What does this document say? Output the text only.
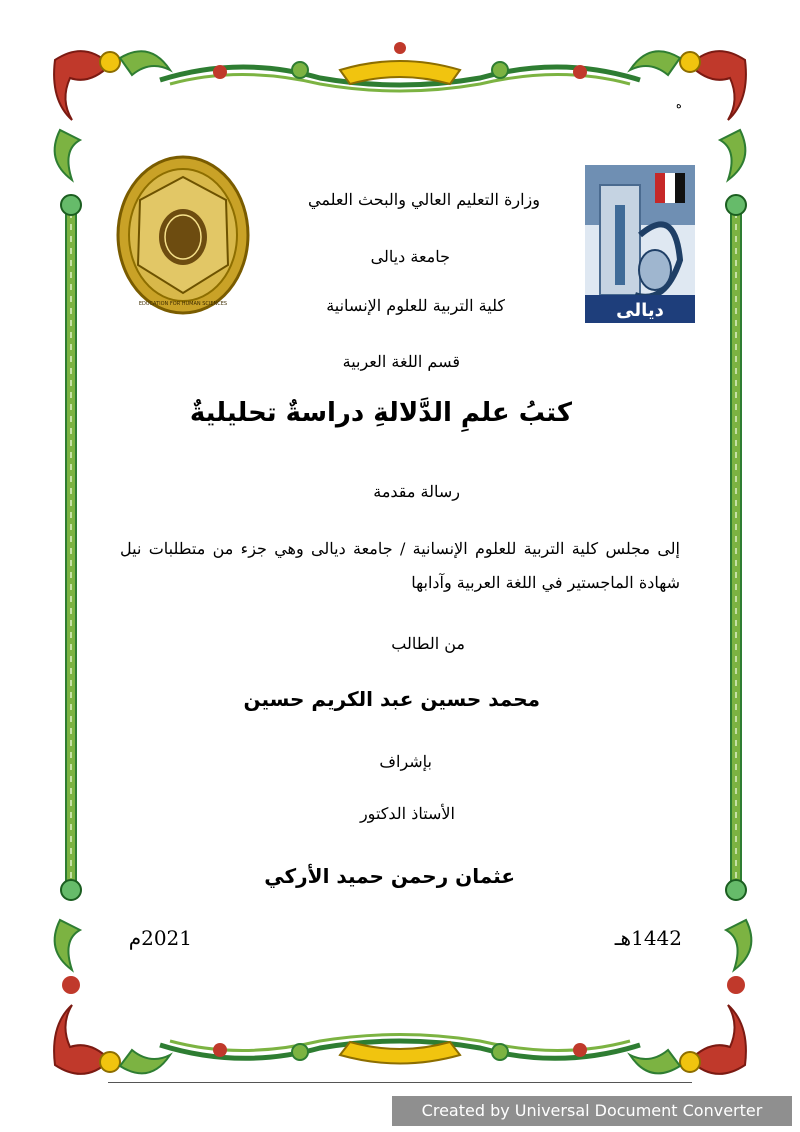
EDUCATION FOR HUMAN SCIENCES	ديالى
ه
وزارة التعليم العالي والبحث العلمي
جامعة ديالى
كلية التربية للعلوم الإنسانية
قسم اللغة العربية
كتبُ علمِ الدَّلالةِ دراسةٌ تحليليةٌ
رسالة مقدمة
إلى مجلس كلية التربية للعلوم الإنسانية / جامعة ديالى وهي جزء من متطلبات نيل شهادة الماجستير في اللغة العربية وآدابها
من الطالب
محمد حسين عبد الكريم حسين
بإشراف
الأستاذ الدكتور
عثمان رحمن حميد الأركي
1442هـ
2021م
Created by Universal Document Converter
